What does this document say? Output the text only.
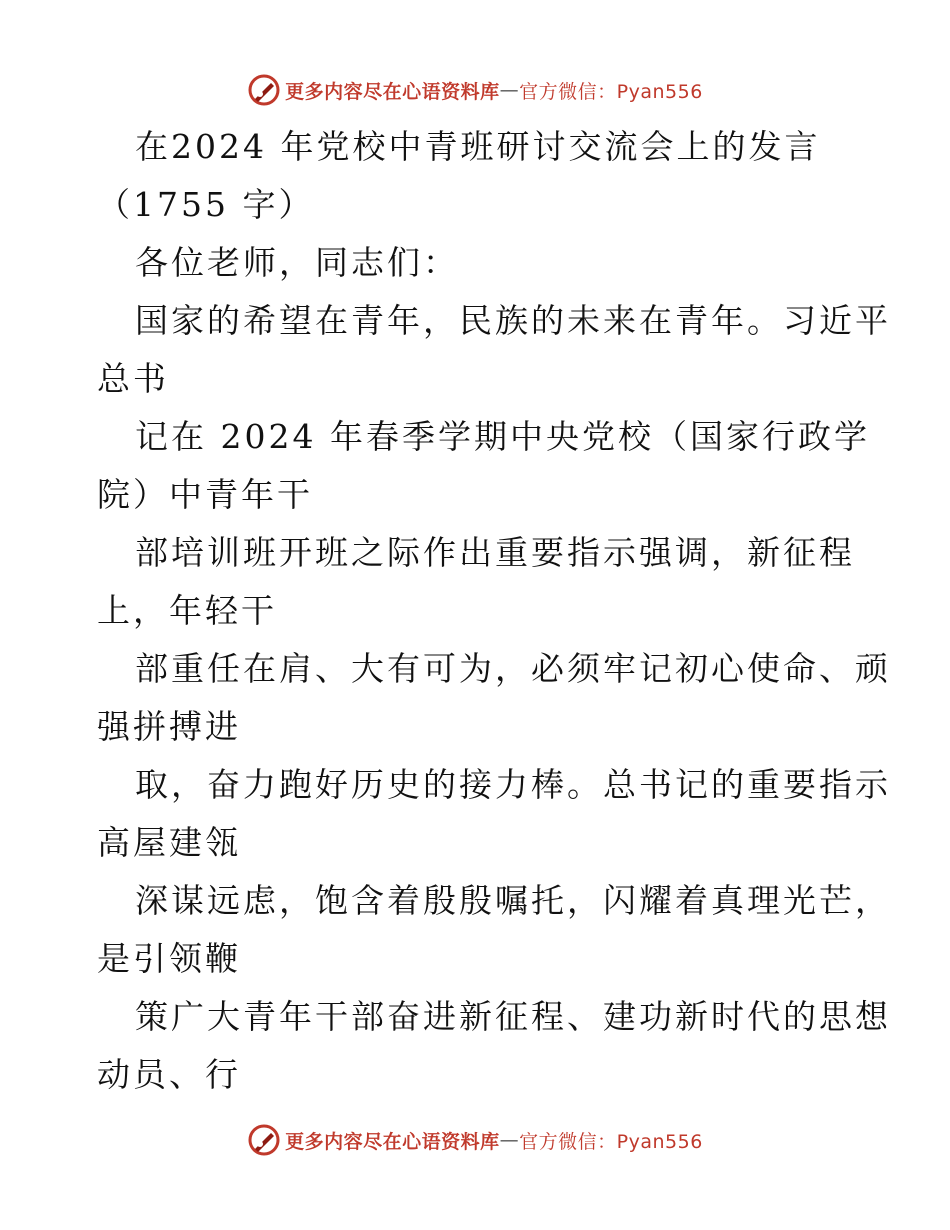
更多内容尽在心语资料库 — 官方微信：Pyan556
在2024 年党校中青班研讨交流会上的发言
（1755 字）
各位老师，同志们：
国家的希望在青年，民族的未来在青年。习近平
总书
记在 2024 年春季学期中央党校（国家行政学
院）中青年干
部培训班开班之际作出重要指示强调，新征程
上，年轻干
部重任在肩、大有可为，必须牢记初心使命、顽
强拼搏进
取，奋力跑好历史的接力棒。总书记的重要指示
高屋建瓴
深谋远虑，饱含着殷殷嘱托，闪耀着真理光芒，
是引领鞭
策广大青年干部奋进新征程、建功新时代的思想
动员、行
更多内容尽在心语资料库 — 官方微信：Pyan556
